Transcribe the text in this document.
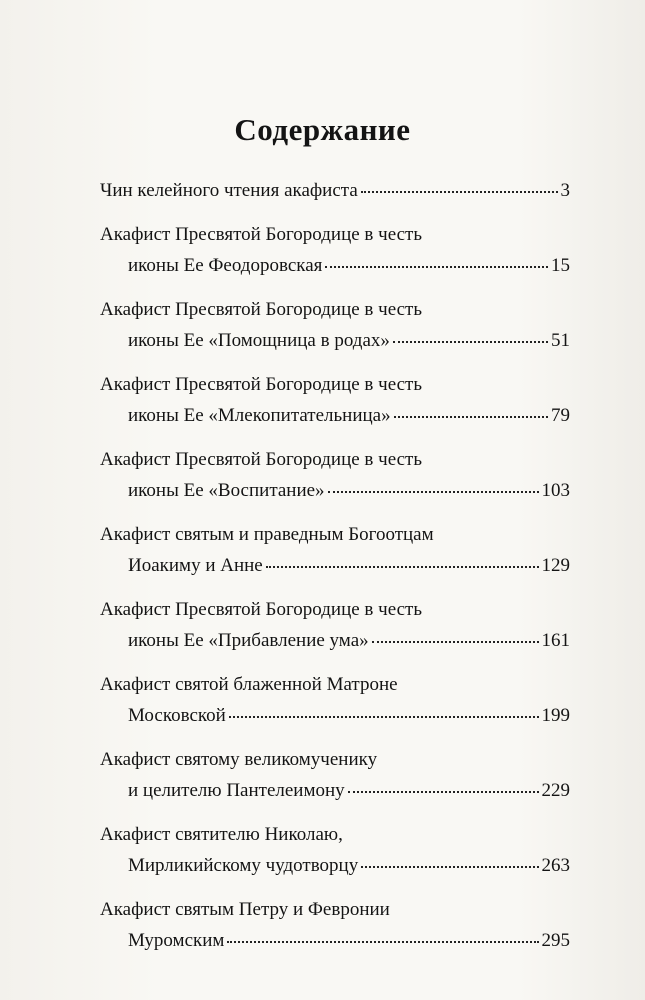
Содержание
Чин келейного чтения акафиста	3
Акафист Пресвятой Богородице в честь
иконы Ее Феодоровская	15
Акафист Пресвятой Богородице в честь
иконы Ее «Помощница в родах»	51
Акафист Пресвятой Богородице в честь
иконы Ее «Млекопитательница»	79
Акафист Пресвятой Богородице в честь
иконы Ее «Воспитание»	103
Акафист святым и праведным Богоотцам
Иоакиму и Анне	129
Акафист Пресвятой Богородице в честь
иконы Ее «Прибавление ума»	161
Акафист святой блаженной Матроне
Московской	199
Акафист святому великомученику
и целителю Пантелеимону	229
Акафист святителю Николаю,
Мирликийскому чудотворцу	263
Акафист святым Петру и Февронии
Муромским	295
